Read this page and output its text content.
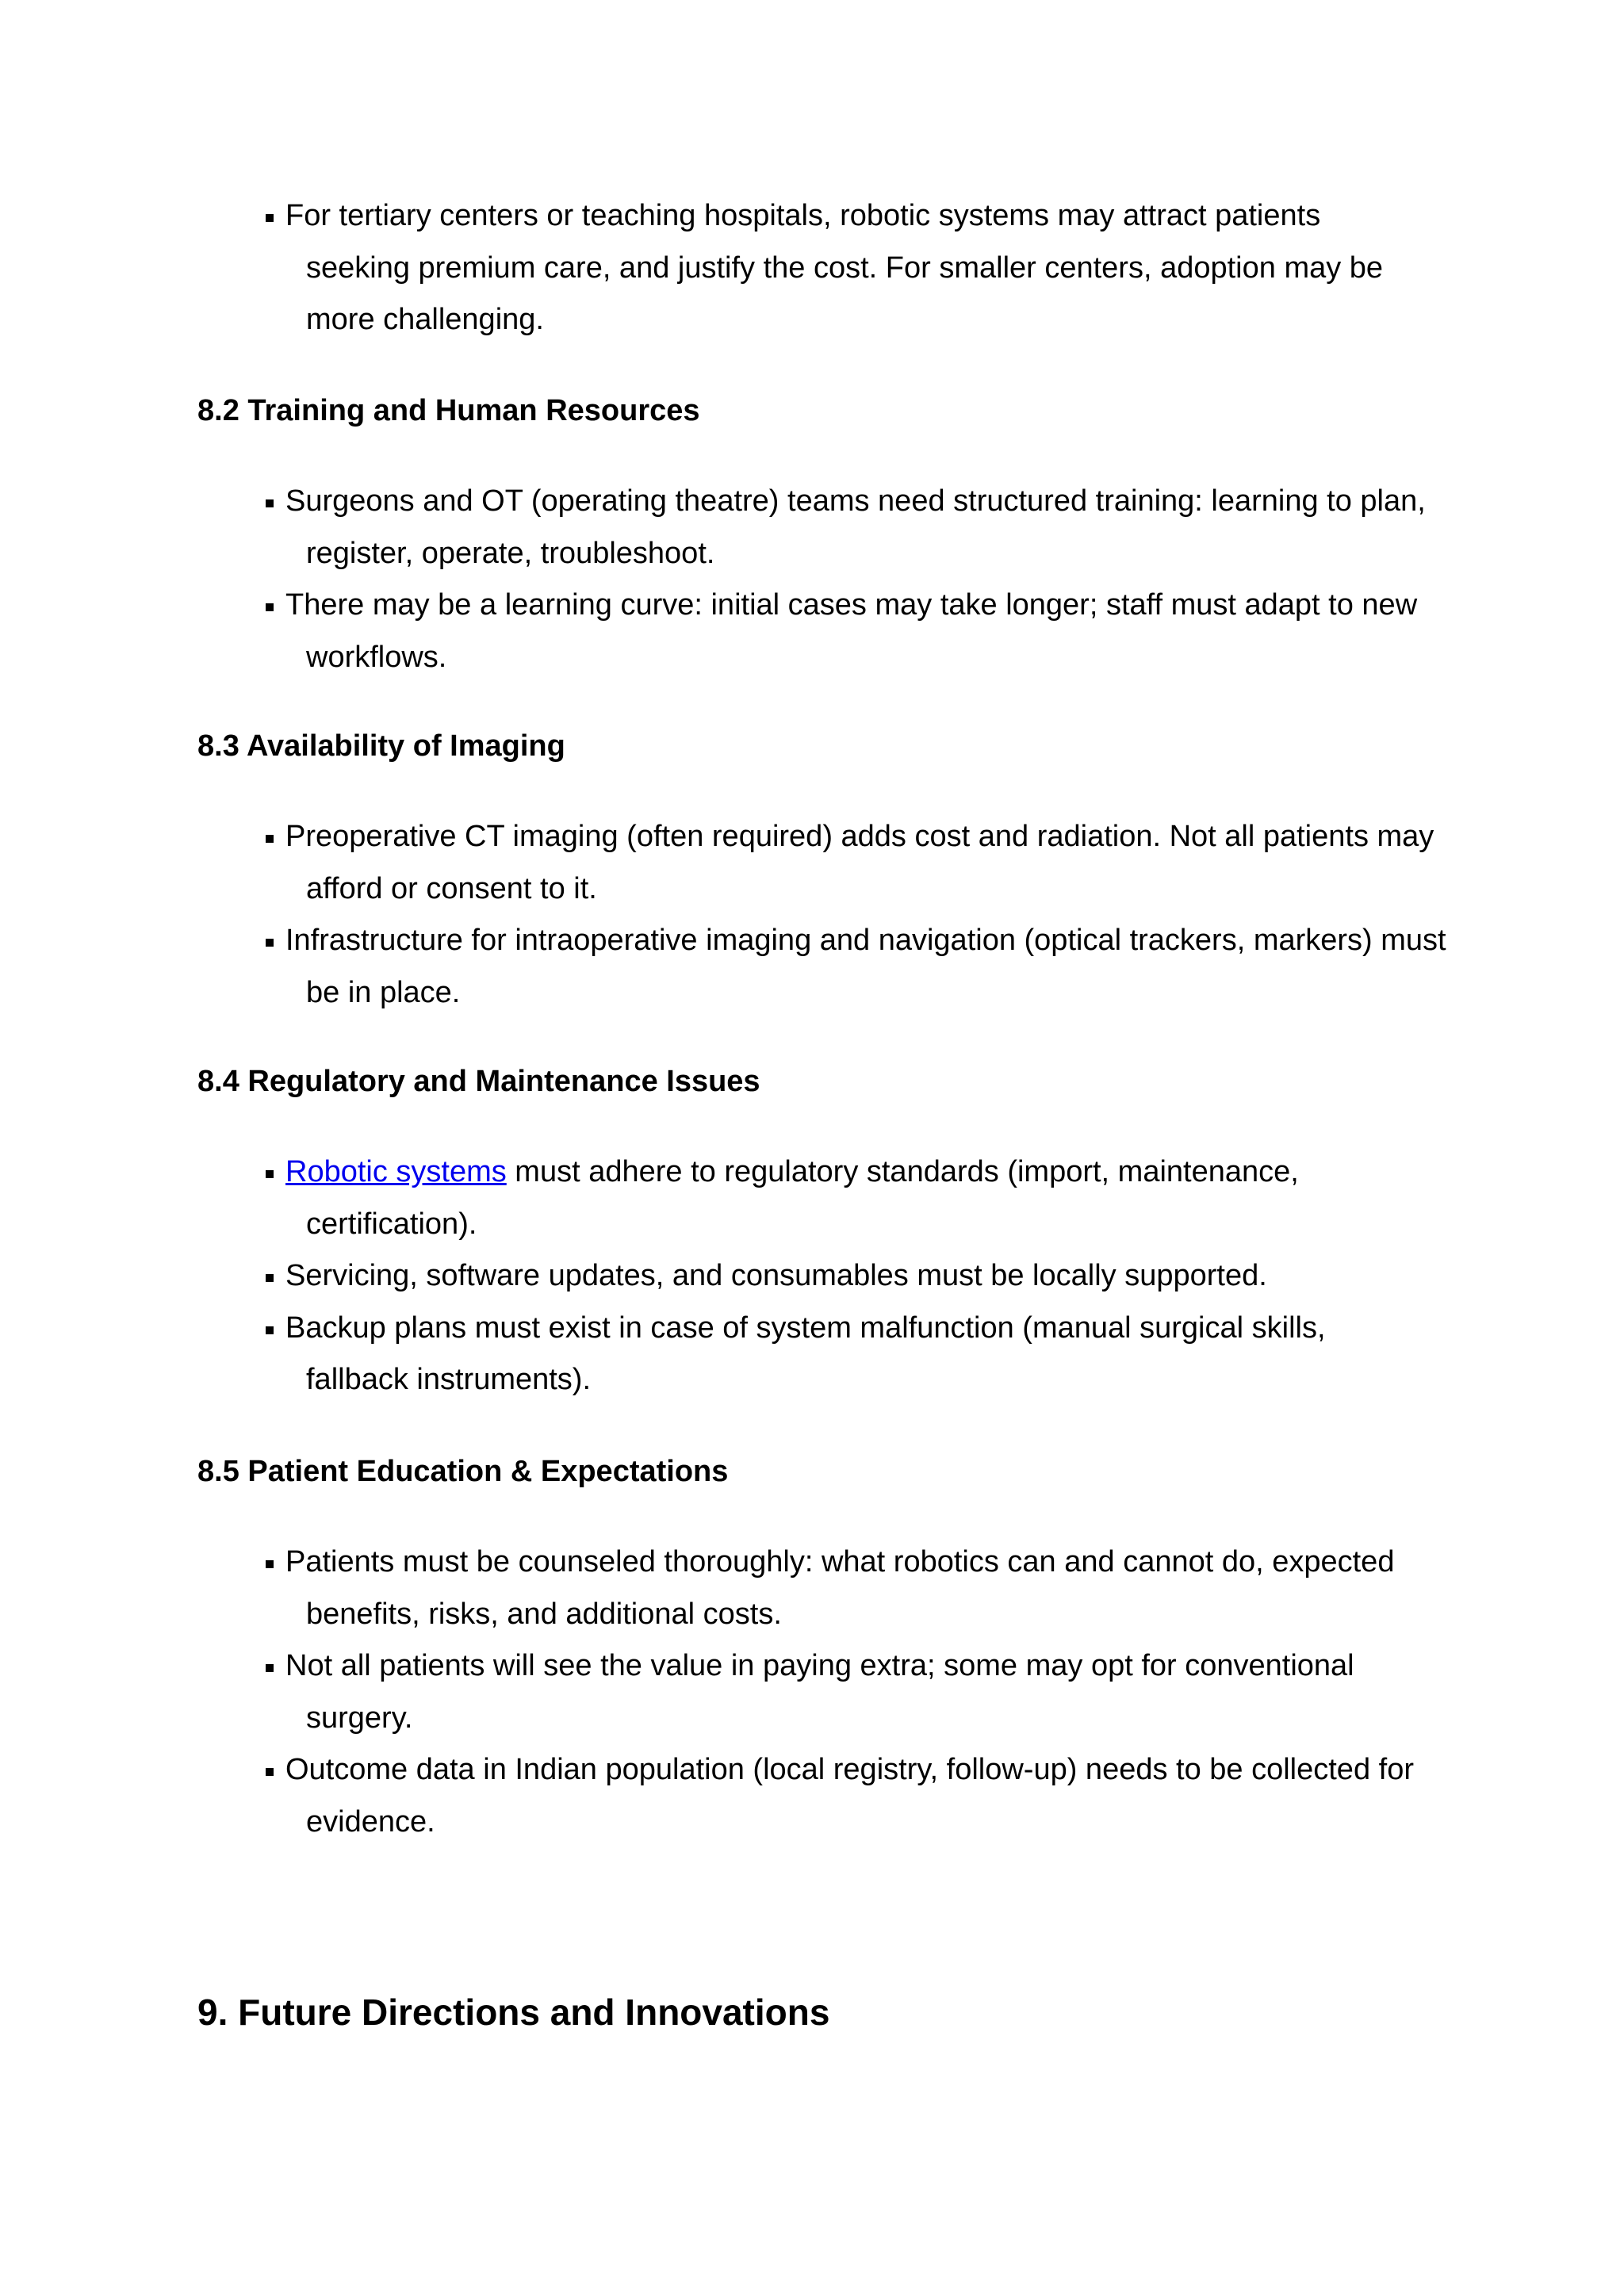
For tertiary centers or teaching hospitals, robotic systems may attract patients seeking premium care, and justify the cost. For smaller centers, adoption may be more challenging.
8.2 Training and Human Resources
Surgeons and OT (operating theatre) teams need structured training: learning to plan, register, operate, troubleshoot.
There may be a learning curve: initial cases may take longer; staff must adapt to new workflows.
8.3 Availability of Imaging
Preoperative CT imaging (often required) adds cost and radiation. Not all patients may afford or consent to it.
Infrastructure for intraoperative imaging and navigation (optical trackers, markers) must be in place.
8.4 Regulatory and Maintenance Issues
Robotic systems must adhere to regulatory standards (import, maintenance, certification).
Servicing, software updates, and consumables must be locally supported.
Backup plans must exist in case of system malfunction (manual surgical skills, fallback instruments).
8.5 Patient Education & Expectations
Patients must be counseled thoroughly: what robotics can and cannot do, expected benefits, risks, and additional costs.
Not all patients will see the value in paying extra; some may opt for conventional surgery.
Outcome data in Indian population (local registry, follow-up) needs to be collected for evidence.
9. Future Directions and Innovations
